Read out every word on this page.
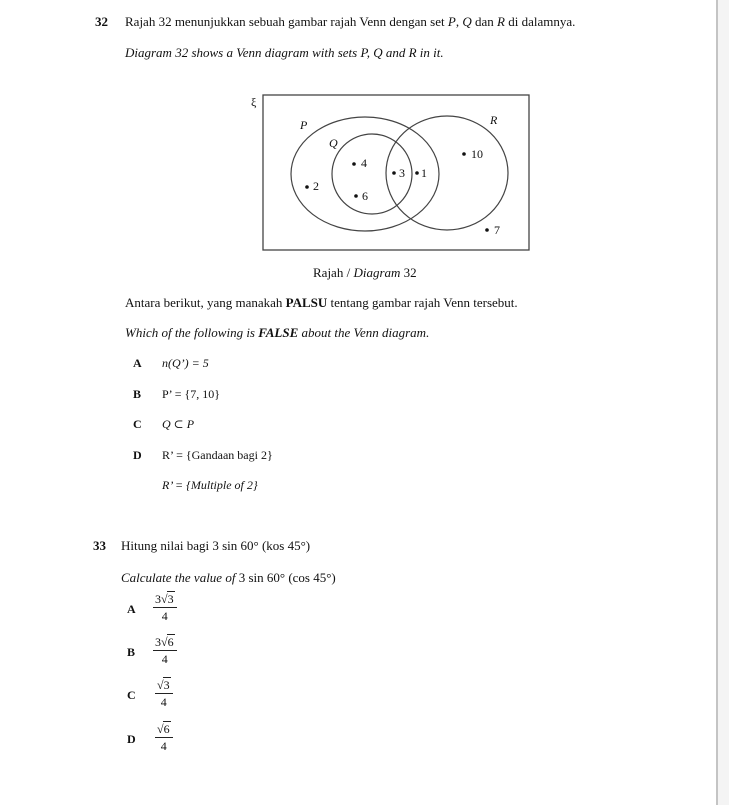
32 Rajah 32 menunjukkan sebuah gambar rajah Venn dengan set P, Q dan R di dalamnya.
Diagram 32 shows a Venn diagram with sets P, Q and R in it.
ξ
P
Q
R
2
4
6
3 1
10
7
Rajah / Diagram 32
Antara berikut, yang manakah PALSU tentang gambar rajah Venn tersebut.
Which of the following is FALSE about the Venn diagram.
A n(Q’) = 5
B P’ = {7, 10}
C Q ⊂ P
D R’ = {Gandaan bagi 2}
R’ = {Multiple of 2}
33 Hitung nilai bagi 3 sin 60° (kos 45°)
Calculate the value of 3 sin 60° (cos 45°)
A $\frac{3√3}{4}$
B $\frac{3√6}{4}$
C $\frac{√3}{4}$
D $\frac{√6}{4}$
